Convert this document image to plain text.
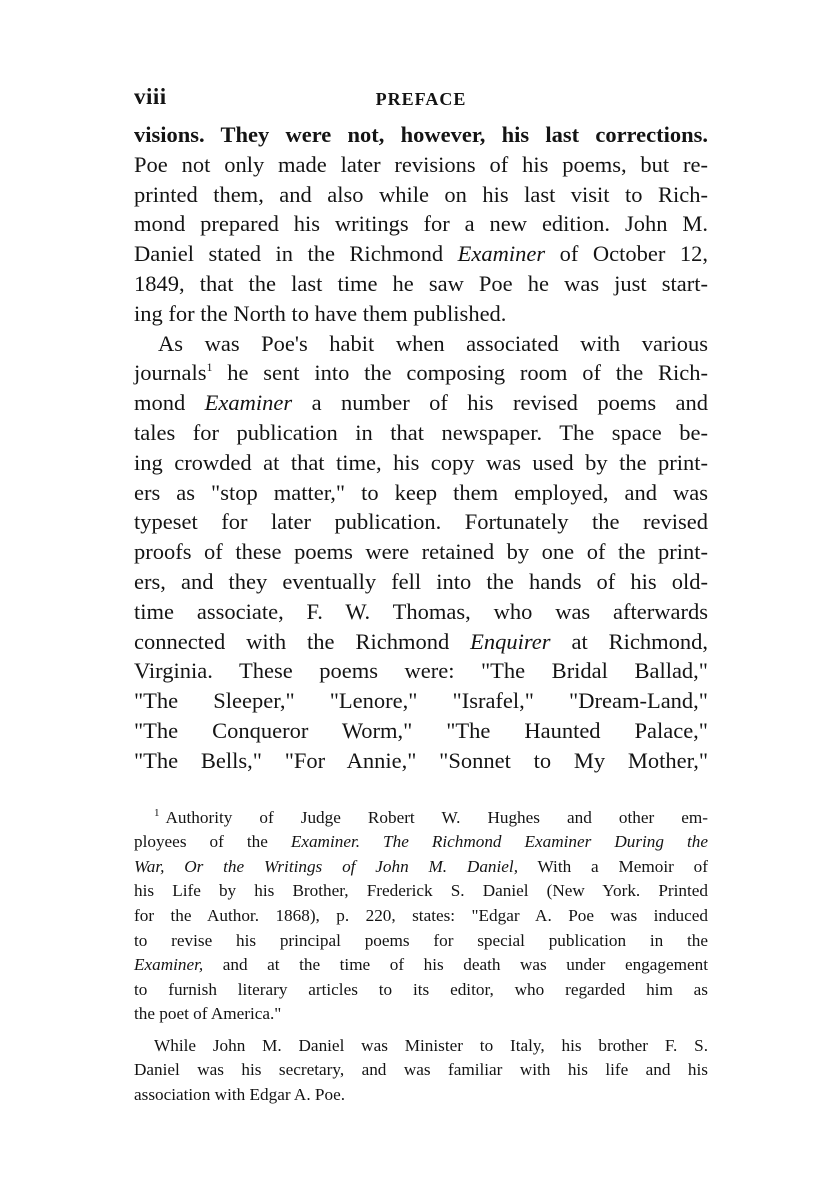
viii	PREFACE

visions. They were not, however, his last corrections.
Poe not only made later revisions of his poems, but re-
printed them, and also while on his last visit to Rich-
mond prepared his writings for a new edition. John M.
Daniel stated in the Richmond Examiner of October 12,
1849, that the last time he saw Poe he was just start-
ing for the North to have them published.

As was Poe's habit when associated with various
journals$^1$ he sent into the composing room of the Rich-
mond Examiner a number of his revised poems and
tales for publication in that newspaper. The space be-
ing crowded at that time, his copy was used by the print-
ers as "stop matter," to keep them employed, and was
typeset for later publication. Fortunately the revised
proofs of these poems were retained by one of the print-
ers, and they eventually fell into the hands of his old-
time associate, F. W. Thomas, who was afterwards
connected with the Richmond Enquirer at Richmond,
Virginia. These poems were: "The Bridal Ballad,"
"The Sleeper," "Lenore," "Israfel," "Dream-Land,"
"The Conqueror Worm," "The Haunted Palace,"
"The Bells," "For Annie," "Sonnet to My Mother,"

$^1$ Authority of Judge Robert W. Hughes and other em-
ployees of the Examiner. The Richmond Examiner During the
War, Or the Writings of John M. Daniel, With a Memoir of
his Life by his Brother, Frederick S. Daniel (New York. Printed
for the Author. 1868), p. 220, states: "Edgar A. Poe was induced
to revise his principal poems for special publication in the
Examiner, and at the time of his death was under engagement
to furnish literary articles to its editor, who regarded him as
the poet of America."
While John M. Daniel was Minister to Italy, his brother F. S.
Daniel was his secretary, and was familiar with his life and his
association with Edgar A. Poe.
